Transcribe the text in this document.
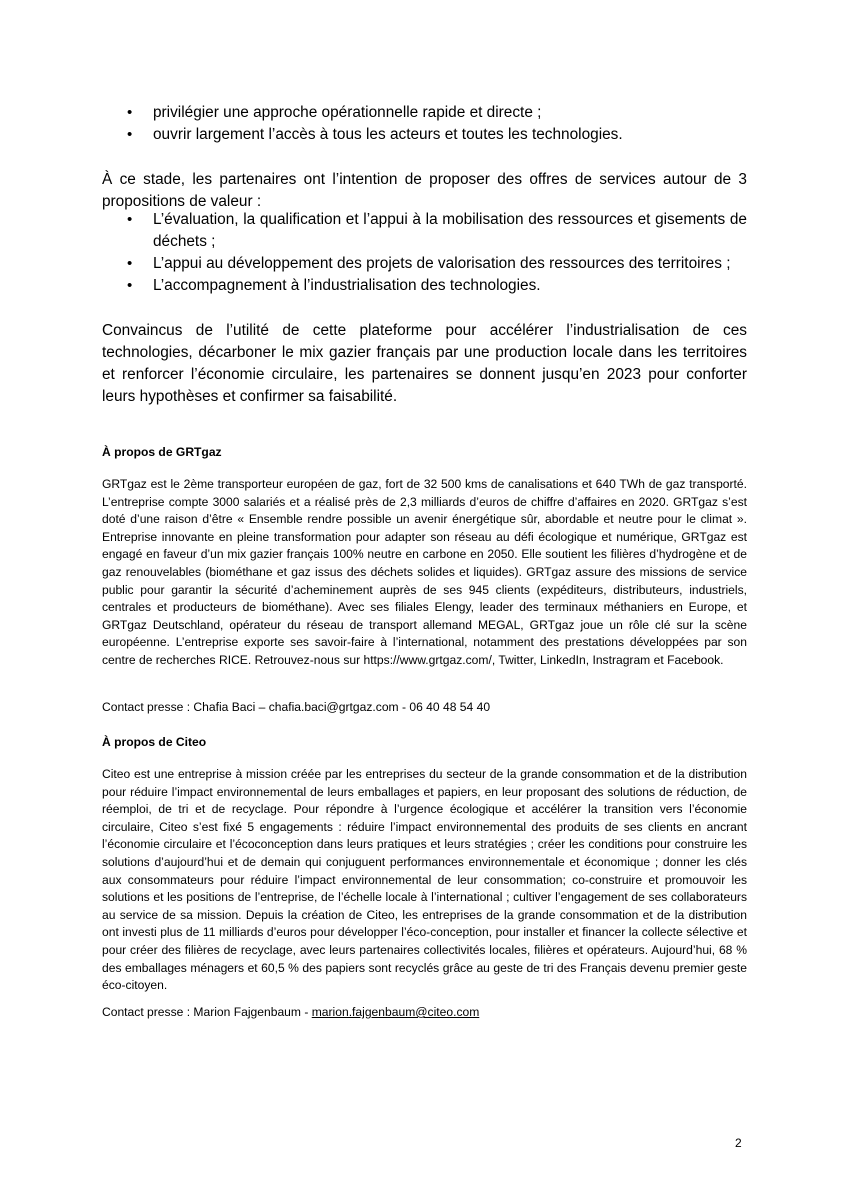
• privilégier une approche opérationnelle rapide et directe ;
• ouvrir largement l’accès à tous les acteurs et toutes les technologies.

À ce stade, les partenaires ont l’intention de proposer des offres de services autour de 3 propositions de valeur :

• L’évaluation, la qualification et l’appui à la mobilisation des ressources et gisements de déchets ;
• L’appui au développement des projets de valorisation des ressources des territoires ;
• L’accompagnement à l’industrialisation des technologies.

Convaincus de l’utilité de cette plateforme pour accélérer l’industrialisation de ces technologies, décarboner le mix gazier français par une production locale dans les territoires et renforcer l’économie circulaire, les partenaires se donnent jusqu’en 2023 pour conforter leurs hypothèses et confirmer sa faisabilité.

À propos de GRTgaz

GRTgaz est le 2ème transporteur européen de gaz, fort de 32 500 kms de canalisations et 640 TWh de gaz transporté. L’entreprise compte 3000 salariés et a réalisé près de 2,3 milliards d’euros de chiffre d’affaires en 2020. GRTgaz s’est doté d’une raison d’être « Ensemble rendre possible un avenir énergétique sûr, abordable et neutre pour le climat ». Entreprise innovante en pleine transformation pour adapter son réseau au défi écologique et numérique, GRTgaz est engagé en faveur d’un mix gazier français 100% neutre en carbone en 2050. Elle soutient les filières d’hydrogène et de gaz renouvelables (biométhane et gaz issus des déchets solides et liquides). GRTgaz assure des missions de service public pour garantir la sécurité d’acheminement auprès de ses 945 clients (expéditeurs, distributeurs, industriels, centrales et producteurs de biométhane). Avec ses filiales Elengy, leader des terminaux méthaniers en Europe, et GRTgaz Deutschland, opérateur du réseau de transport allemand MEGAL, GRTgaz joue un rôle clé sur la scène européenne. L’entreprise exporte ses savoir-faire à l’international, notamment des prestations développées par son centre de recherches RICE. Retrouvez-nous sur https://www.grtgaz.com/, Twitter, LinkedIn, Instragram et Facebook.

Contact presse : Chafia Baci – chafia.baci@grtgaz.com - 06 40 48 54 40
À propos de Citeo

Citeo est une entreprise à mission créée par les entreprises du secteur de la grande consommation et de la distribution pour réduire l’impact environnemental de leurs emballages et papiers, en leur proposant des solutions de réduction, de réemploi, de tri et de recyclage. Pour répondre à l’urgence écologique et accélérer la transition vers l’économie circulaire, Citeo s’est fixé 5 engagements : réduire l’impact environnemental des produits de ses clients en ancrant l’économie circulaire et l’écoconception dans leurs pratiques et leurs stratégies ; créer les conditions pour construire les solutions d’aujourd’hui et de demain qui conjuguent performances environnementale et économique ; donner les clés aux consommateurs pour réduire l’impact environnemental de leur consommation; co-construire et promouvoir les solutions et les positions de l’entreprise, de l’échelle locale à l’international ; cultiver l’engagement de ses collaborateurs au service de sa mission. Depuis la création de Citeo, les entreprises de la grande consommation et de la distribution ont investi plus de 11 milliards d’euros pour développer l’éco-conception, pour installer et financer la collecte sélective et pour créer des filières de recyclage, avec leurs partenaires collectivités locales, filières et opérateurs. Aujourd’hui, 68 % des emballages ménagers et 60,5 % des papiers sont recyclés grâce au geste de tri des Français devenu premier geste éco-citoyen.

Contact presse : Marion Fajgenbaum - marion.fajgenbaum@citeo.com
2
